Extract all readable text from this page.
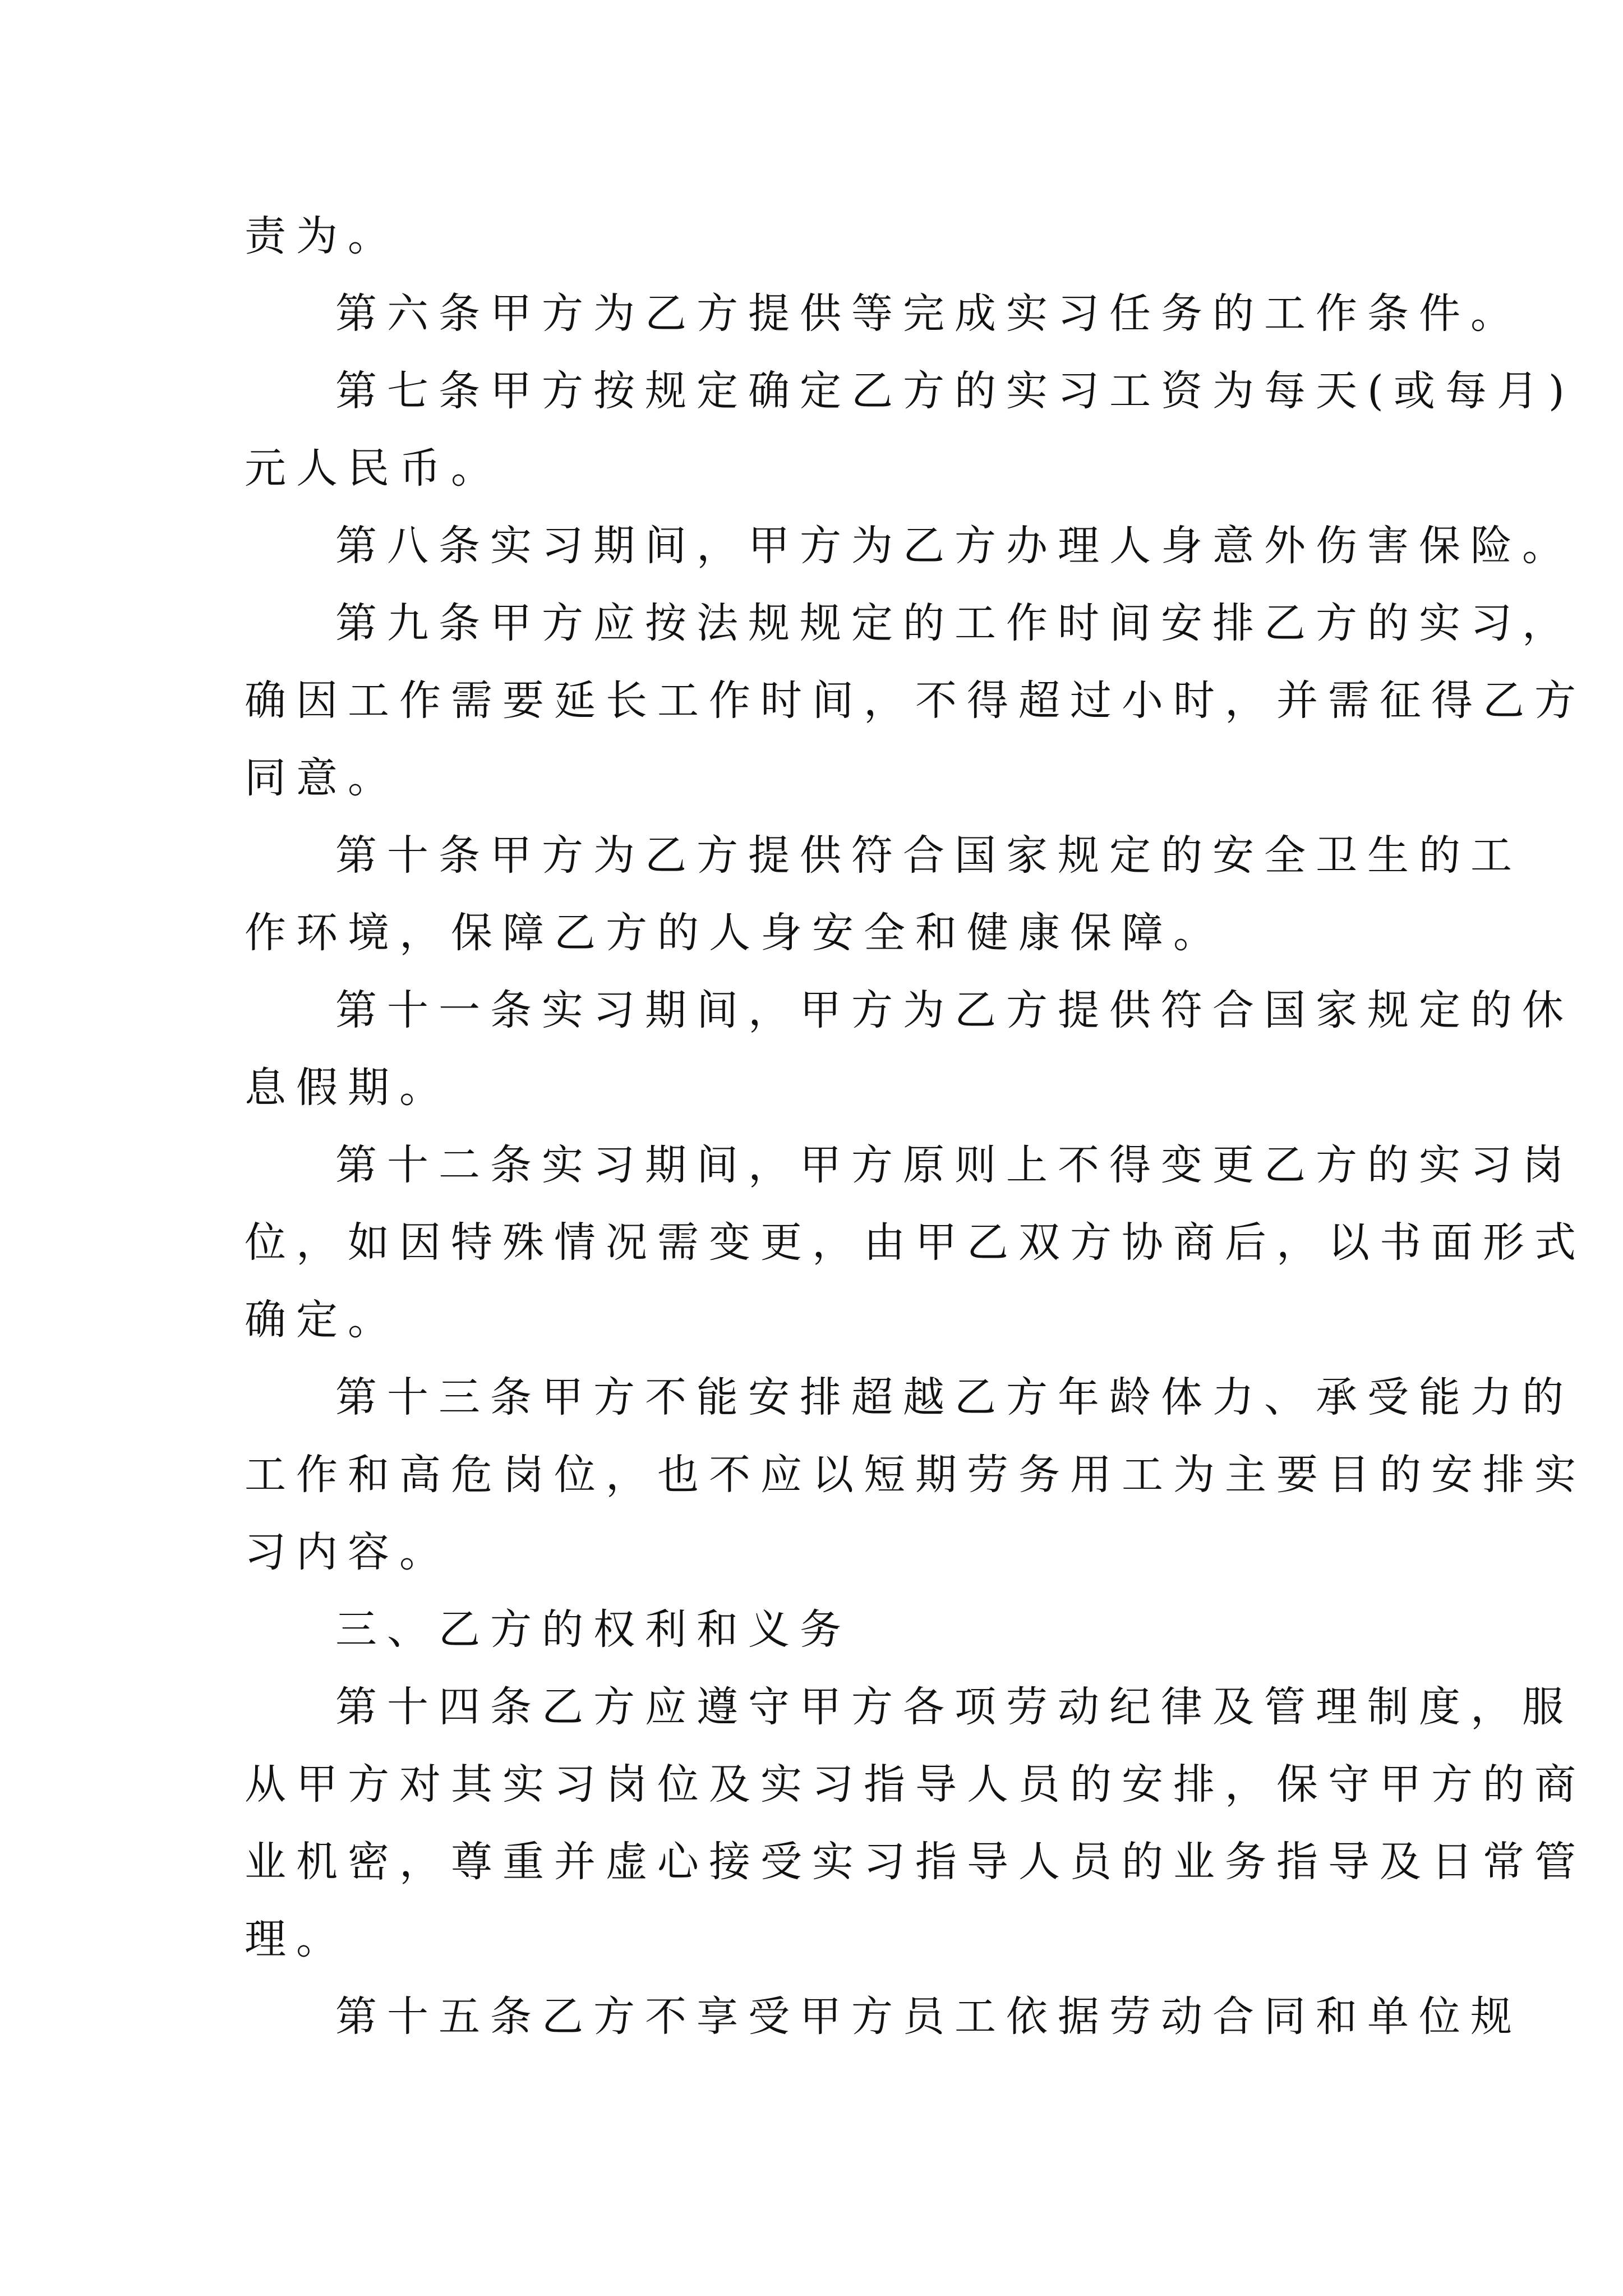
责为。
第六条甲方为乙方提供等完成实习任务的工作条件。
第七条甲方按规定确定乙方的实习工资为每天(或每月)
元人民币。
第八条实习期间，甲方为乙方办理人身意外伤害保险。
第九条甲方应按法规规定的工作时间安排乙方的实习，
确因工作需要延长工作时间，不得超过小时，并需征得乙方
同意。
第十条甲方为乙方提供符合国家规定的安全卫生的工
作环境，保障乙方的人身安全和健康保障。
第十一条实习期间，甲方为乙方提供符合国家规定的休
息假期。
第十二条实习期间，甲方原则上不得变更乙方的实习岗
位，如因特殊情况需变更，由甲乙双方协商后，以书面形式
确定。
第十三条甲方不能安排超越乙方年龄体力、承受能力的
工作和高危岗位，也不应以短期劳务用工为主要目的安排实
习内容。
三、乙方的权利和义务
第十四条乙方应遵守甲方各项劳动纪律及管理制度，服
从甲方对其实习岗位及实习指导人员的安排，保守甲方的商
业机密，尊重并虚心接受实习指导人员的业务指导及日常管
理。
第十五条乙方不享受甲方员工依据劳动合同和单位规
